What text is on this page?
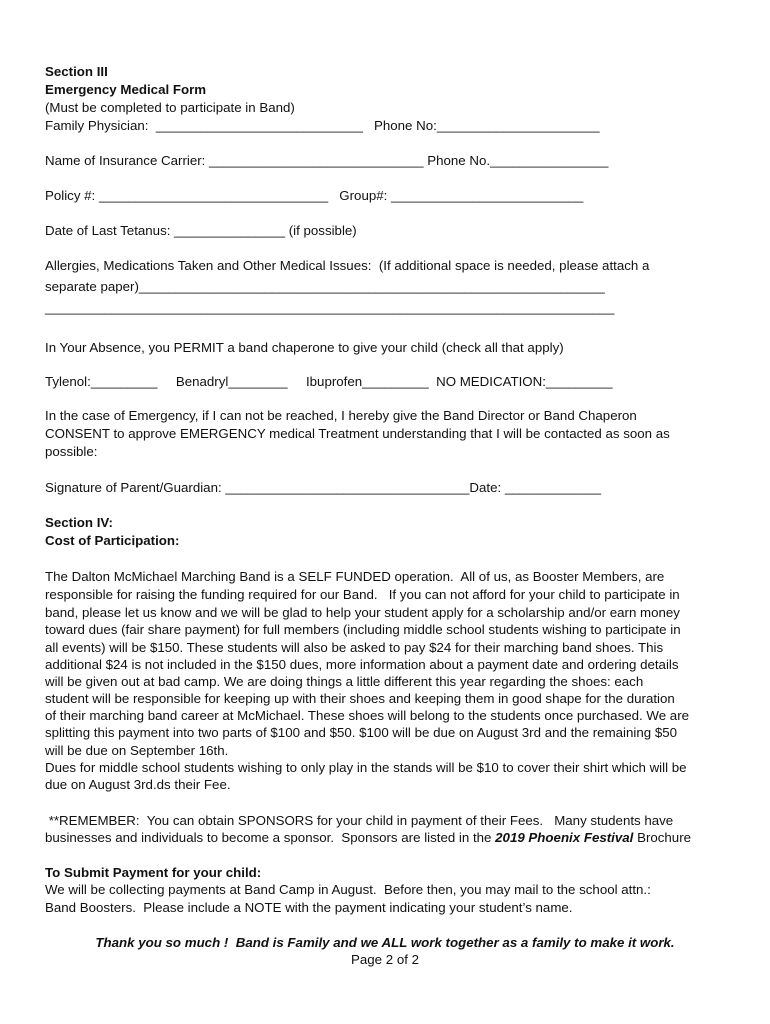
Section III
Emergency Medical Form
(Must be completed to participate in Band)
Family Physician:  ____________________________   Phone No:______________________
Name of Insurance Carrier: _____________________________ Phone No.________________
Policy #: _______________________________   Group#: __________________________
Date of Last Tetanus: _______________ (if possible)
Allergies, Medications Taken and Other Medical Issues:  (If additional space is needed, please attach a
separate paper)_______________________________________________________________
_____________________________________________________________________________
In Your Absence, you PERMIT a band chaperone to give your child (check all that apply)
Tylenol:_________     Benadryl________     Ibuprofen_________  NO MEDICATION:_________
In the case of Emergency, if I can not be reached, I hereby give the Band Director or Band Chaperon
CONSENT to approve EMERGENCY medical Treatment understanding that I will be contacted as soon as
possible:
Signature of Parent/Guardian: _________________________________Date: _____________
Section IV:
Cost of Participation:
The Dalton McMichael Marching Band is a SELF FUNDED operation.  All of us, as Booster Members, are
responsible for raising the funding required for our Band.   If you can not afford for your child to participate in
band, please let us know and we will be glad to help your student apply for a scholarship and/or earn money
toward dues (fair share payment) for full members (including middle school students wishing to participate in
all events) will be $150. These students will also be asked to pay $24 for their marching band shoes. This
additional $24 is not included in the $150 dues, more information about a payment date and ordering details
will be given out at bad camp. We are doing things a little different this year regarding the shoes: each
student will be responsible for keeping up with their shoes and keeping them in good shape for the duration
of their marching band career at McMichael. These shoes will belong to the students once purchased. We are
splitting this payment into two parts of $100 and $50. $100 will be due on August 3rd and the remaining $50
will be due on September 16th.
Dues for middle school students wishing to only play in the stands will be $10 to cover their shirt which will be
due on August 3rd.ds their Fee.
**REMEMBER:  You can obtain SPONSORS for your child in payment of their Fees.   Many students have
businesses and individuals to become a sponsor.  Sponsors are listed in the 2019 Phoenix Festival Brochure
To Submit Payment for your child:
We will be collecting payments at Band Camp in August.  Before then, you may mail to the school attn.:
Band Boosters.  Please include a NOTE with the payment indicating your student’s name.
Thank you so much !  Band is Family and we ALL work together as a family to make it work.
Page 2 of 2
